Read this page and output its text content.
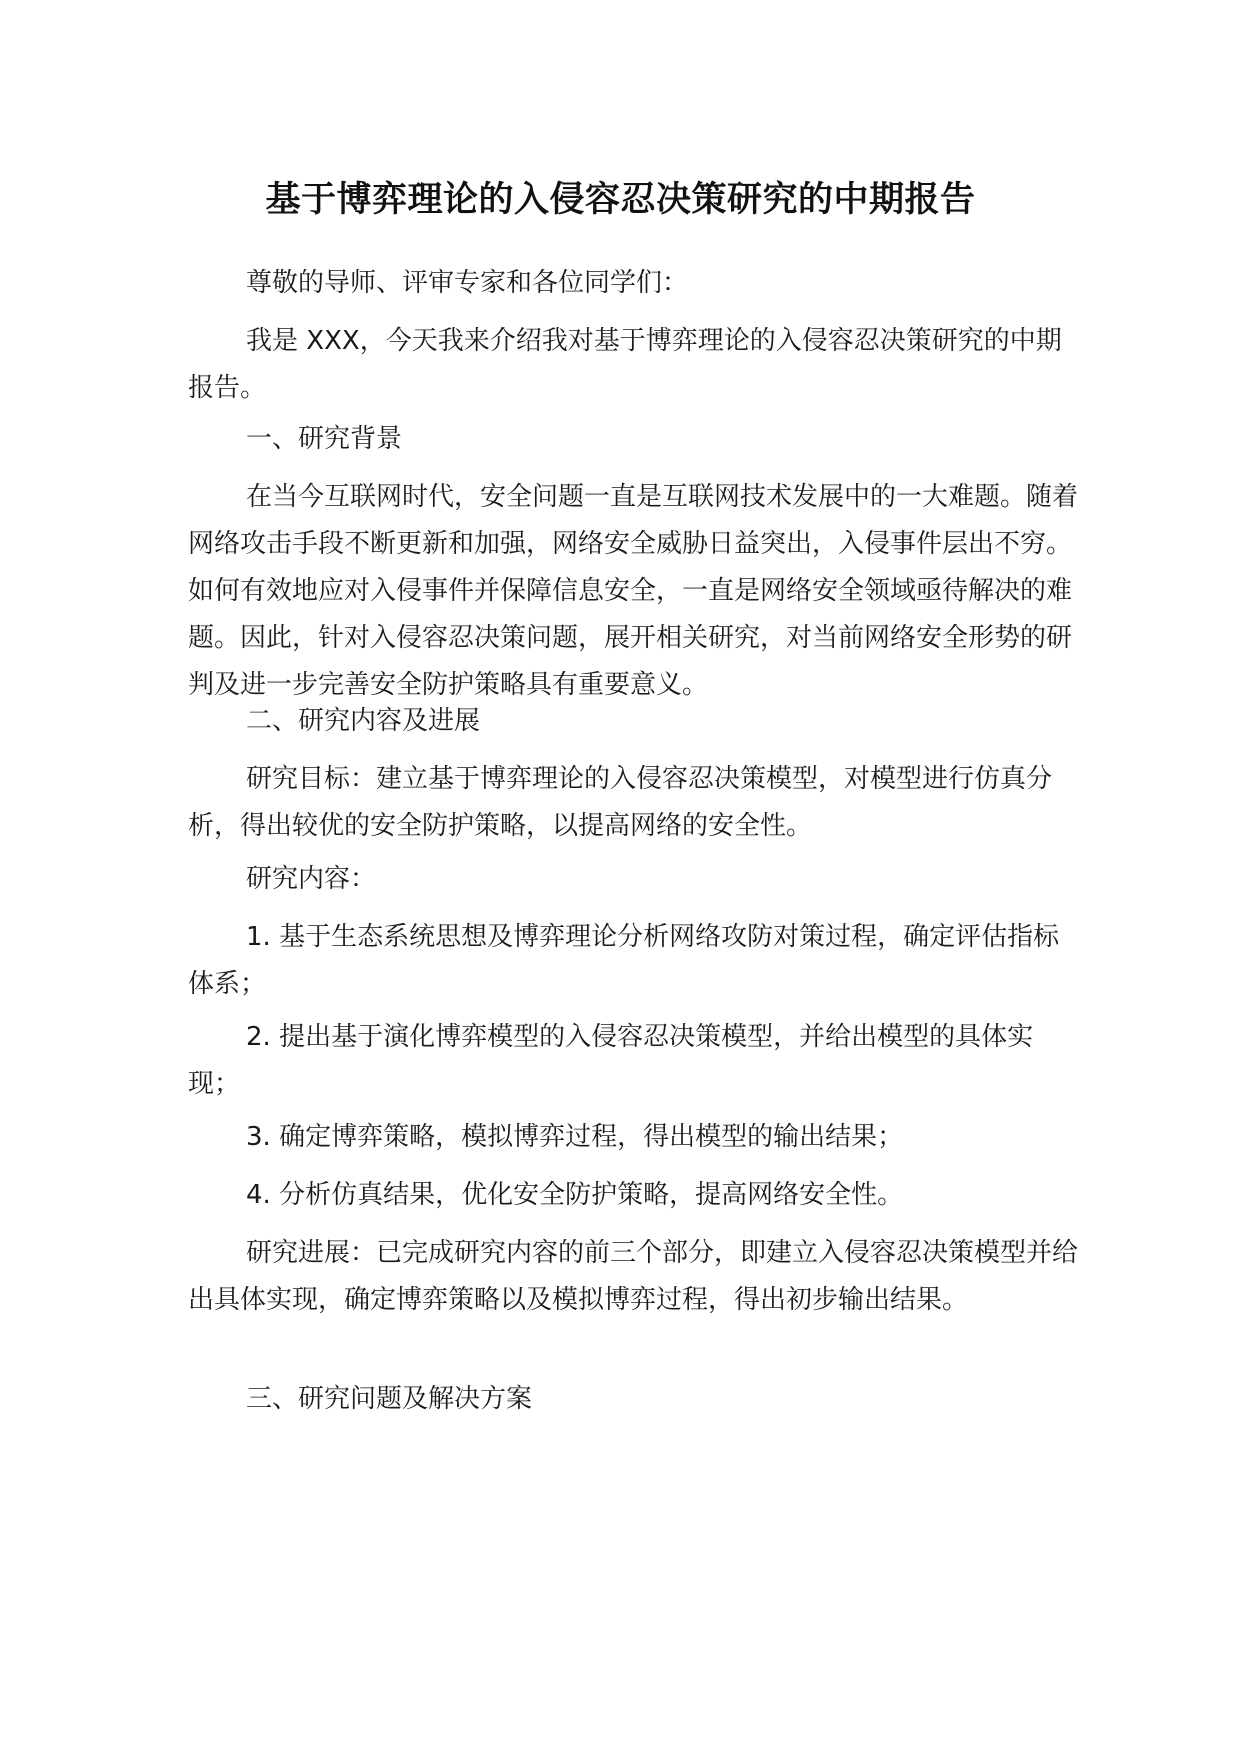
基于博弈理论的入侵容忍决策研究的中期报告

尊敬的导师、评审专家和各位同学们：

我是 XXX，今天我来介绍我对基于博弈理论的入侵容忍决策研究的中期报告。

一、研究背景

在当今互联网时代，安全问题一直是互联网技术发展中的一大难题。随着网络攻击手段不断更新和加强，网络安全威胁日益突出，入侵事件层出不穷。如何有效地应对入侵事件并保障信息安全，一直是网络安全领域亟待解决的难题。因此，针对入侵容忍决策问题，展开相关研究，对当前网络安全形势的研判及进一步完善安全防护策略具有重要意义。

二、研究内容及进展

研究目标：建立基于博弈理论的入侵容忍决策模型，对模型进行仿真分析，得出较优的安全防护策略，以提高网络的安全性。

研究内容：

1. 基于生态系统思想及博弈理论分析网络攻防对策过程，确定评估指标体系；

2. 提出基于演化博弈模型的入侵容忍决策模型，并给出模型的具体实现；

3. 确定博弈策略，模拟博弈过程，得出模型的输出结果；

4. 分析仿真结果，优化安全防护策略，提高网络安全性。

研究进展：已完成研究内容的前三个部分，即建立入侵容忍决策模型并给出具体实现，确定博弈策略以及模拟博弈过程，得出初步输出结果。

三、研究问题及解决方案
